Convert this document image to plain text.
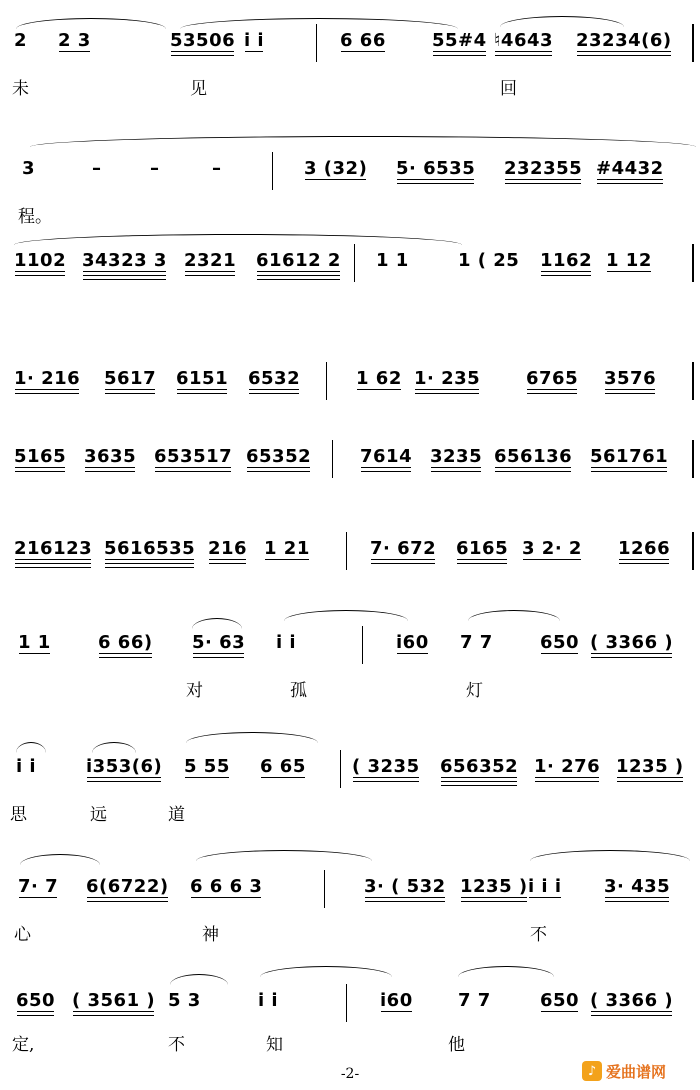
2 2 3	53506 i̇ i̇	6 66	55#4 ♮4643 23234(6)
未	见	回
3	–	–	–	3 (32) 5· 6535 232355 #4432
程。
1102 34323 3 2321 61612 2 1 1	1 ( 25 1162 1 12
1· 216 5617 6151 6532	1 62 1· 235	6765 3576
5165 3635 653517 65352	7614 3235 656136 561761
216123 5616535 216 1 21	7· 672 6165 3 2· 2 1266
1 1	6 66) 5· 63 i̇ i̇	i̇60 7 7	650 ( 3366 )
对	孤	灯
i̇ i̇	i̇353(6) 5 55 6 65	( 3235 656352 1· 276 1235 )
思	远	道
7· 7 6(6722) 6 6 6 3	3· ( 532 1235 ) i̇ i̇ i̇ 3· 435
心	神	不
650 ( 3561 ) 5 3	i̇ i̇	i̇60	7 7	650 ( 3366 )
定,	不	知	他
-2-	♪ 爱曲谱网
